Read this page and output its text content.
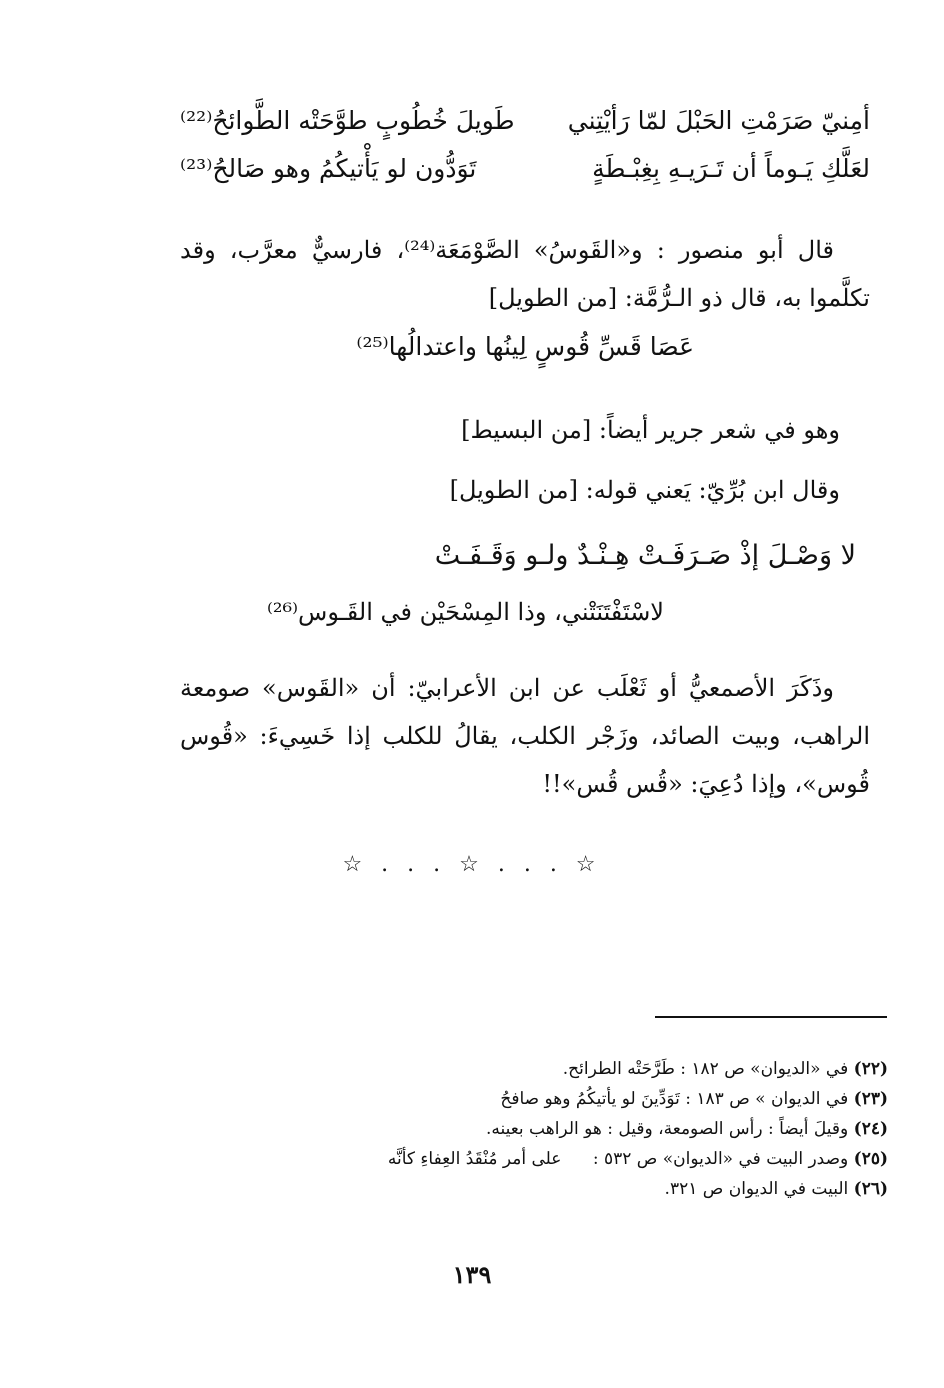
أمِنيّ صَرَمْتِ الحَبْلَ لمّا رَأيْتِني
طَويلَ خُطُوبٍ طوَّحَتْه الطَّوائحُ⁽²²⁾
لعَلَّكِ يَـوماً أن تَـرَيـهِ بِغِبْـطَةٍ
تَوَدُّون لو يَأْتيكُمُ وهو صَالحُ⁽²³⁾
قال أبو منصور : و«القَوسُ» الصَّوْمَعَة⁽²⁴⁾، فارسيٌّ معرَّب، وقد تكلَّموا به، قال ذو الـرُّمَّة: [من الطويل]
عَصَا قَسِّ قُوسٍ لِينُها واعتدالُها⁽²⁵⁾
وهو في شعر جرير أيضاً: [من البسيط]
وقال ابن بُرِّيّ: يَعني قوله: [من الطويل]
لا وَصْـلَ إذْ صَـرَفَـتْ هِـنْـدٌ ولـو وَقَـفَـتْ
لاسْتَفْتَنَتْني، وذا المِسْحَيْن في القَـوس⁽²⁶⁾
وذَكَرَ الأصمعيُّ أو ثَعْلَب عن ابن الأعرابيّ: أن «القَوس» صومعة الراهب، وبيت الصائد، وزَجْر الكلب، يقالُ للكلب إذا خَسِيءَ: «قُوس قُوس»، وإذا دُعِيَ: «قُس قُس»!!
☆ . . . ☆ . . . ☆
(٢٢) في «الديوان» ص ١٨٢ : طَرَّحَتْه الطرائح.
(٢٣) في الديوان » ص ١٨٣ : تَوَدِّينَ لو يأتيكُمُ وهو صافحُ
(٢٤) وقيلَ أيضاً : رأس الصومعة، وقيل : هو الراهب بعينه.
(٢٥) وصدر البيت في «الديوان» ص ٥٣٢ : على أمر مُنْقَدُ العِفاءِ كأنَّه
(٢٦) البيت في الديوان ص ٣٢١.
١٣٩
